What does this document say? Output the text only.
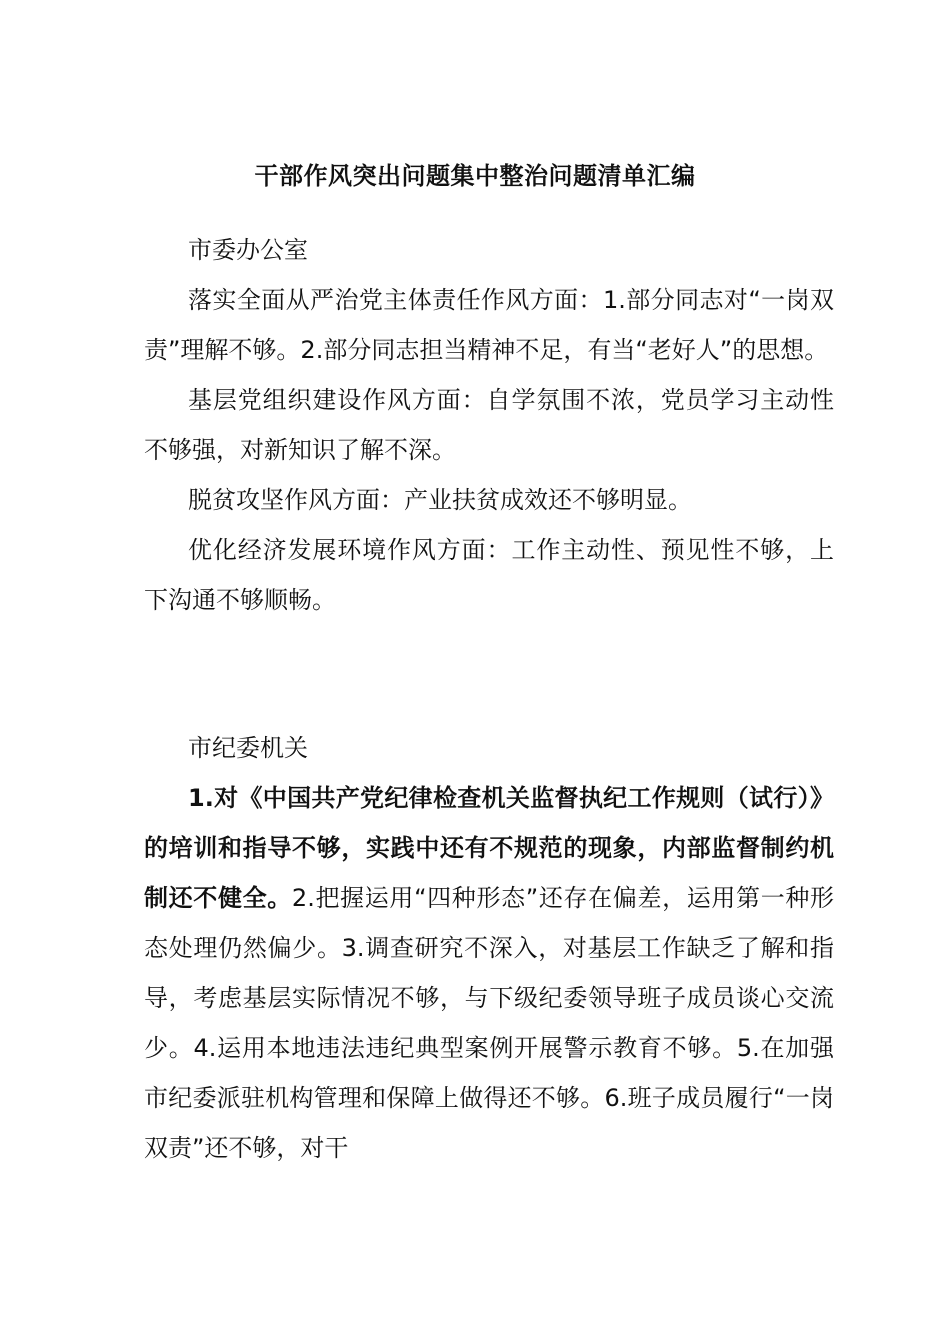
干部作风突出问题集中整治问题清单汇编

市委办公室

落实全面从严治党主体责任作风方面：1.部分同志对“一岗双责”理解不够。2.部分同志担当精神不足，有当“老好人”的思想。

基层党组织建设作风方面：自学氛围不浓，党员学习主动性不够强，对新知识了解不深。

脱贫攻坚作风方面：产业扶贫成效还不够明显。

优化经济发展环境作风方面：工作主动性、预见性不够，上下沟通不够顺畅。

市纪委机关

1.对《中国共产党纪律检查机关监督执纪工作规则（试行）》的培训和指导不够，实践中还有不规范的现象，内部监督制约机制还不健全。2.把握运用“四种形态”还存在偏差，运用第一种形态处理仍然偏少。3.调查研究不深入，对基层工作缺乏了解和指导，考虑基层实际情况不够，与下级纪委领导班子成员谈心交流少。4.运用本地违法违纪典型案例开展警示教育不够。5.在加强市纪委派驻机构管理和保障上做得还不够。6.班子成员履行“一岗双责”还不够，对干
